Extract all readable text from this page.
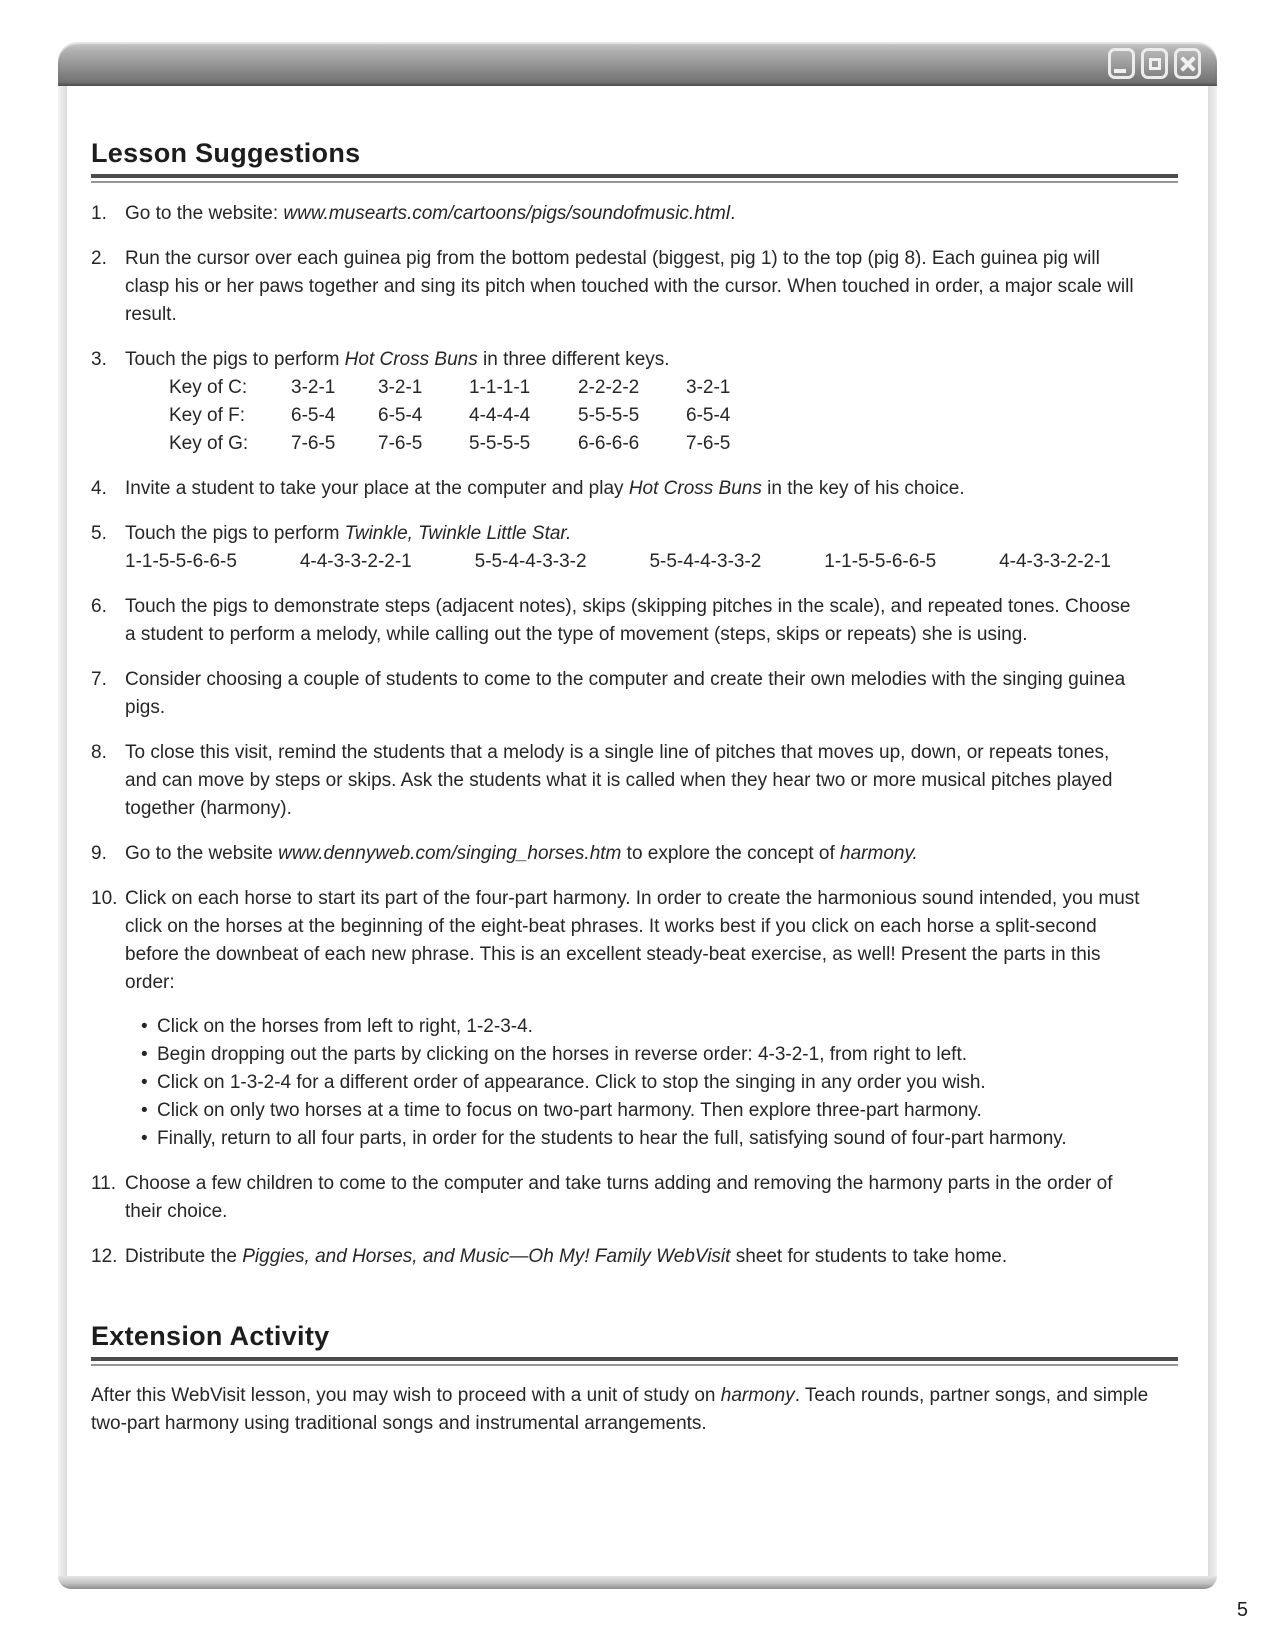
Lesson Suggestions
1. Go to the website: www.musearts.com/cartoons/pigs/soundofmusic.html.
2. Run the cursor over each guinea pig from the bottom pedestal (biggest, pig 1) to the top (pig 8). Each guinea pig will clasp his or her paws together and sing its pitch when touched with the cursor. When touched in order, a major scale will result.
3. Touch the pigs to perform Hot Cross Buns in three different keys.
Key of C:	3-2-1	3-2-1	1-1-1-1	2-2-2-2	3-2-1
Key of F:	6-5-4	6-5-4	4-4-4-4	5-5-5-5	6-5-4
Key of G:	7-6-5	7-6-5	5-5-5-5	6-6-6-6	7-6-5
4. Invite a student to take your place at the computer and play Hot Cross Buns in the key of his choice.
5. Touch the pigs to perform Twinkle, Twinkle Little Star.
1-1-5-5-6-6-5	4-4-3-3-2-2-1	5-5-4-4-3-3-2	5-5-4-4-3-3-2	1-1-5-5-6-6-5	4-4-3-3-2-2-1
6. Touch the pigs to demonstrate steps (adjacent notes), skips (skipping pitches in the scale), and repeated tones. Choose a student to perform a melody, while calling out the type of movement (steps, skips or repeats) she is using.
7. Consider choosing a couple of students to come to the computer and create their own melodies with the singing guinea pigs.
8. To close this visit, remind the students that a melody is a single line of pitches that moves up, down, or repeats tones, and can move by steps or skips. Ask the students what it is called when they hear two or more musical pitches played together (harmony).
9. Go to the website www.dennyweb.com/singing_horses.htm to explore the concept of harmony.
10. Click on each horse to start its part of the four-part harmony. In order to create the harmonious sound intended, you must click on the horses at the beginning of the eight-beat phrases. It works best if you click on each horse a split-second before the downbeat of each new phrase. This is an excellent steady-beat exercise, as well! Present the parts in this order:
• Click on the horses from left to right, 1-2-3-4.
• Begin dropping out the parts by clicking on the horses in reverse order: 4-3-2-1, from right to left.
• Click on 1-3-2-4 for a different order of appearance. Click to stop the singing in any order you wish.
• Click on only two horses at a time to focus on two-part harmony. Then explore three-part harmony.
• Finally, return to all four parts, in order for the students to hear the full, satisfying sound of four-part harmony.
11. Choose a few children to come to the computer and take turns adding and removing the harmony parts in the order of their choice.
12. Distribute the Piggies, and Horses, and Music—Oh My! Family WebVisit sheet for students to take home.
Extension Activity

After this WebVisit lesson, you may wish to proceed with a unit of study on harmony. Teach rounds, partner songs, and simple two-part harmony using traditional songs and instrumental arrangements.

5
